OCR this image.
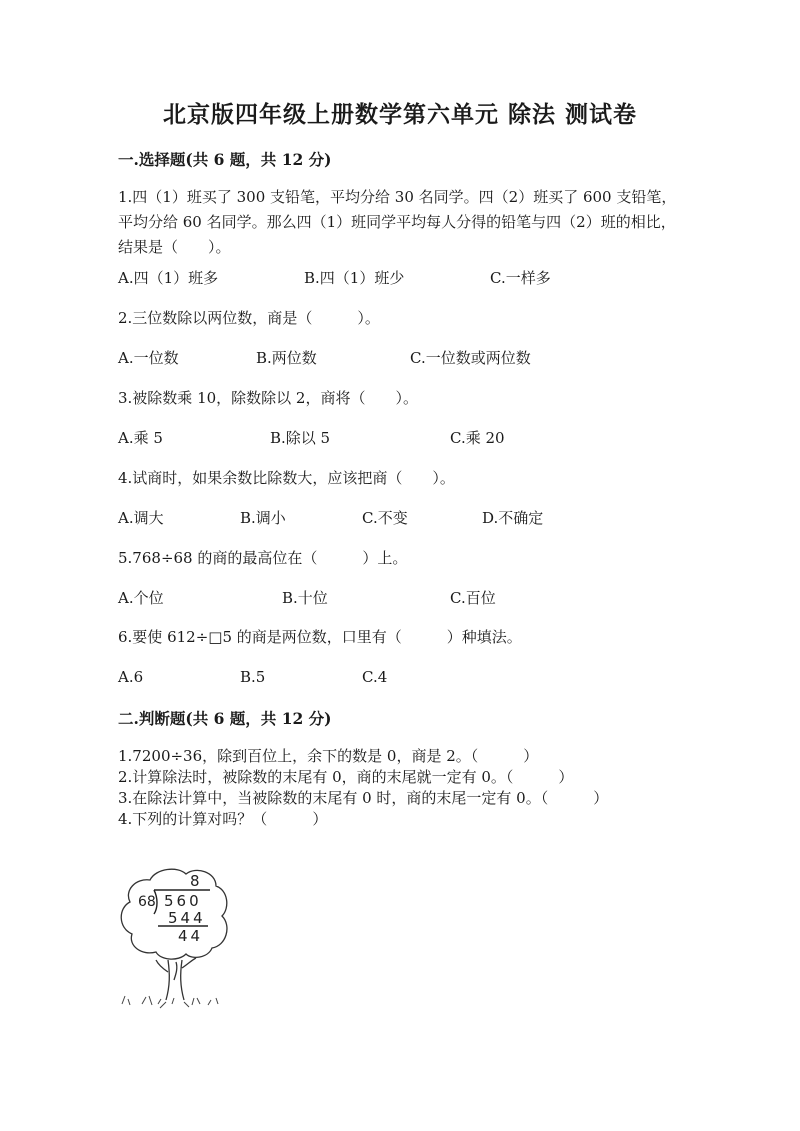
北京版四年级上册数学第六单元 除法 测试卷
一.选择题(共 6 题，共 12 分)
1.四（1）班买了 300 支铅笔，平均分给 30 名同学。四（2）班买了 600 支铅笔，平均分给 60 名同学。那么四（1）班同学平均每人分得的铅笔与四（2）班的相比，结果是（　　）。
A.四（1）班多	B.四（1）班少	C.一样多
2.三位数除以两位数，商是（　　　）。
A.一位数	B.两位数	C.一位数或两位数
3.被除数乘 10，除数除以 2，商将（　　）。
A.乘 5	B.除以 5	C.乘 20
4.试商时，如果余数比除数大，应该把商（　　）。
A.调大	B.调小	C.不变	D.不确定
5.768÷68 的商的最高位在（　　　）上。
A.个位	B.十位	C.百位
6.要使 612÷□5 的商是两位数，口里有（　　　）种填法。
A.6	B.5	C.4
二.判断题(共 6 题，共 12 分)
1.7200÷36，除到百位上，余下的数是 0，商是 2。（　　　）
2.计算除法时，被除数的末尾有 0，商的末尾就一定有 0。（　　　）
3.在除法计算中，当被除数的末尾有 0 时，商的末尾一定有 0。（　　　）
4.下列的计算对吗？（　　　）
8
68 560
544
44
